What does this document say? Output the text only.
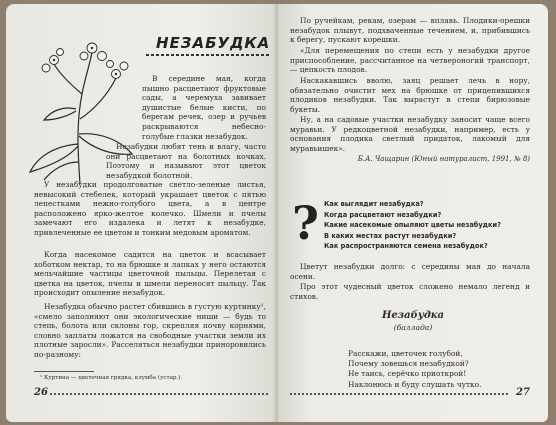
НЕЗАБУДКА

В середине мая, когда пышно расцветают фруктовые сады, а черемуха завивает душистые белые кисти, по берегам речек, озер и ручьев раскрываются небесно-голубые глазки незабудок.

Незабудки любят тень и влагу, часто они расцветают на болотных кочках. Поэтому и называют этот цветок незабудкой болотной.

У незабудки продолговатые светло-зеленые листья, невысокий стебелек, который украшает цветок с пятью лепестками нежно-голубого цвета, а в центре расположено ярко-желтое колечко. Шмели и пчелы замечают его издалека и летят к незабудке, привлеченные ее цветом и тонким медовым ароматом.

Когда насекомое садится на цветок и всасывает хоботком нектар, то на брюшке и лапках у него остаются мельчайшие частицы цветочной пыльцы. Перелетая с цветка на цветок, пчелы и шмели переносят пыльцу. Так происходит опыление незабудок.

Незабудка обычно растет сбившись в густую куртинку¹, «смело заполняют они экологические ниши — будь то степь, болота или склоны гор, скрепляя почву корнями, словно заплаты ложатся на свободные участки земли их плотные заросли». Расселяться незабудки приноровились по-разному:

¹ Куртина — цветочная грядка, клумба (устар.).
26

По ручейкам, рекам, озерам — вплавь. Плодики-орешки незабудок плывут, подхваченные течением, и, прибившись к берегу, пускают корешки.

«Для перемещения по степи есть у незабудки другое приспособление, рассчитанное на четвероногий транспорт, — цепкость плодов.

Наскакавшись вволю, заяц решает лечь в нору, обязательно очистит мех на брюшке от прицепившихся плодиков незабудки. Так вырастут в степи бирюзовые букеты.

Ну, а на садовые участки незабудку заносит чаще всего муравьи. У редкоцветной незабудки, например, есть у основания плодика светлый придаток, лакомый для муравьишек».

Б.А. Чащарин (Юный натуралист, 1991, № 8)
? Как выглядит незабудка?
Когда расцветают незабудки?
Какие насекомые опыляют цветы незабудки?
В каких местах растут незабудки?
Как распространяются семена незабудок?

Цветут незабудки долго: с середины мая до начала осени.

Про этот чудесный цветок сложено немало легенд и стихов.

Незабудка
(баллада)
Расскажи, цветочек голубой,
Почему зовешься незабудкой?
Не таись, серёчко приоткрой!
Наклонюсь и буду слушать чутко.
27
